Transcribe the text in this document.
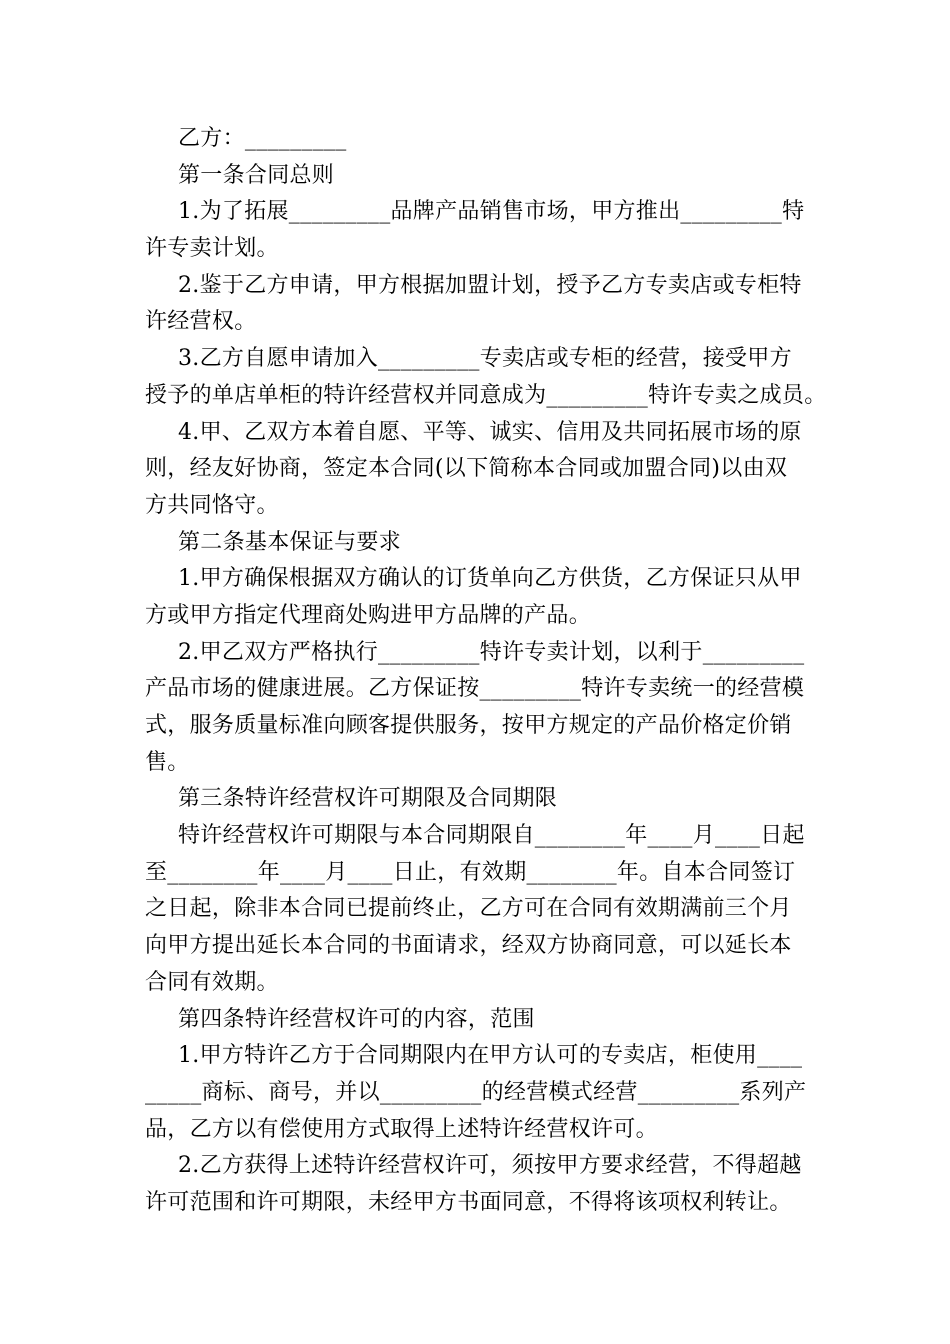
乙方：_________
第一条合同总则
1.为了拓展_________品牌产品销售市场，甲方推出_________特
许专卖计划。
2.鉴于乙方申请，甲方根据加盟计划，授予乙方专卖店或专柜特
许经营权。
3.乙方自愿申请加入_________专卖店或专柜的经营，接受甲方
授予的单店单柜的特许经营权并同意成为_________特许专卖之成员。
4.甲、乙双方本着自愿、平等、诚实、信用及共同拓展市场的原
则，经友好协商，签定本合同(以下简称本合同或加盟合同)以由双
方共同恪守。
第二条基本保证与要求
1.甲方确保根据双方确认的订货单向乙方供货，乙方保证只从甲
方或甲方指定代理商处购进甲方品牌的产品。
2.甲乙双方严格执行_________特许专卖计划，以利于_________
产品市场的健康进展。乙方保证按_________特许专卖统一的经营模
式，服务质量标准向顾客提供服务，按甲方规定的产品价格定价销
售。
第三条特许经营权许可期限及合同期限
特许经营权许可期限与本合同期限自________年____月____日起
至________年____月____日止，有效期________年。自本合同签订
之日起，除非本合同已提前终止，乙方可在合同有效期满前三个月
向甲方提出延长本合同的书面请求，经双方协商同意，可以延长本
合同有效期。
第四条特许经营权许可的内容，范围
1.甲方特许乙方于合同期限内在甲方认可的专卖店，柜使用____
_____商标、商号，并以_________的经营模式经营_________系列产
品，乙方以有偿使用方式取得上述特许经营权许可。
2.乙方获得上述特许经营权许可，须按甲方要求经营，不得超越
许可范围和许可期限，未经甲方书面同意，不得将该项权利转让。
